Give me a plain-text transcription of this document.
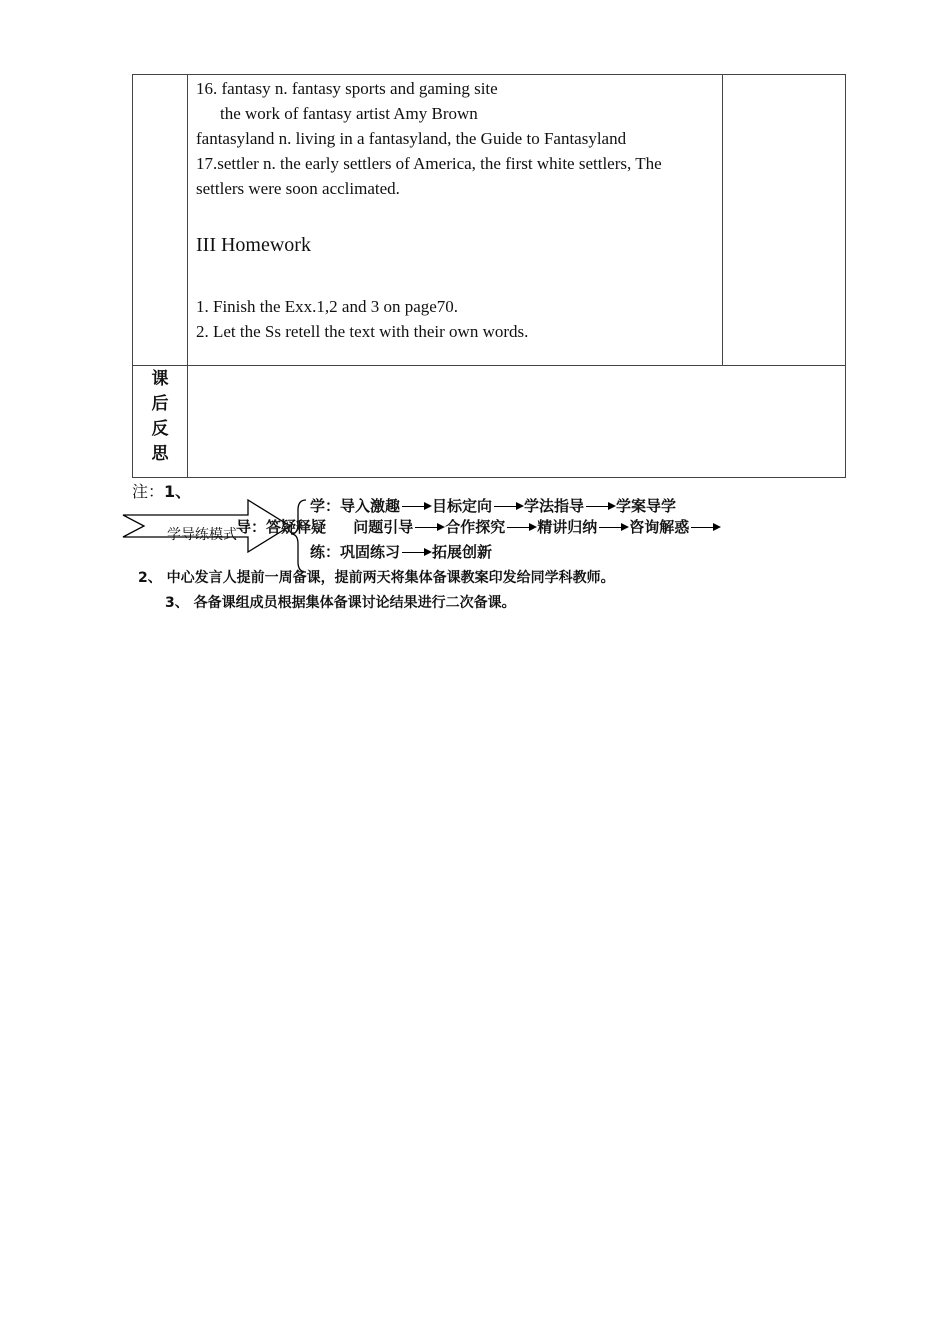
16. fantasy n. fantasy sports and gaming site
the work of fantasy artist Amy Brown
fantasyland n. living in a fantasyland, the Guide to Fantasyland
17.settler n. the early settlers of America, the first white settlers, The
settlers were soon acclimated.
III Homework
1. Finish the Exx.1,2 and 3 on page70.
2. Let the Ss retell the text with their own words.
课
后
反
思
注：1、
学导练模式
学：导入激趣 目标定向 学法指导 学案导学
导：答疑释疑 问题引导 合作探究 精讲归纳 咨询解惑
练：巩固练习 拓展创新
2、 中心发言人提前一周备课，提前两天将集体备课教案印发给同学科教师。
3、 各备课组成员根据集体备课讨论结果进行二次备课。
